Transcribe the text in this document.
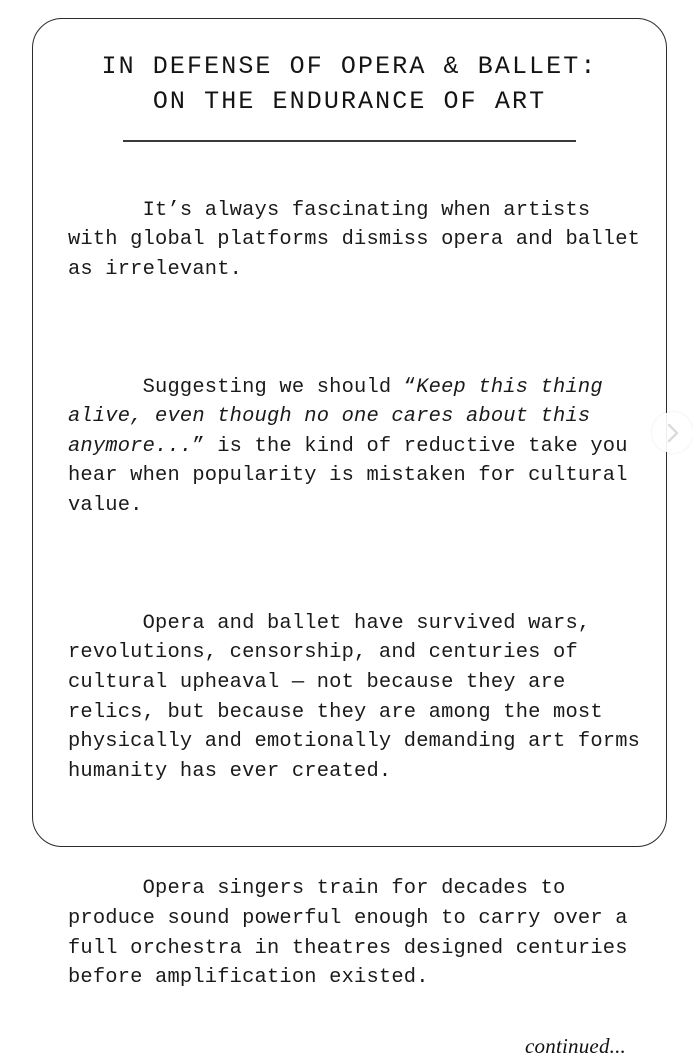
IN DEFENSE OF OPERA & BALLET:
ON THE ENDURANCE OF ART

It’s always fascinating when artists with global platforms dismiss opera and ballet as irrelevant.

Suggesting we should “Keep this thing alive, even though no one cares about this anymore...” is the kind of reductive take you hear when popularity is mistaken for cultural value.

Opera and ballet have survived wars, revolutions, censorship, and centuries of cultural upheaval — not because they are relics, but because they are among the most physically and emotionally demanding art forms humanity has ever created.

Opera singers train for decades to produce sound powerful enough to carry over a full orchestra in theatres designed centuries before amplification existed.

continued...
